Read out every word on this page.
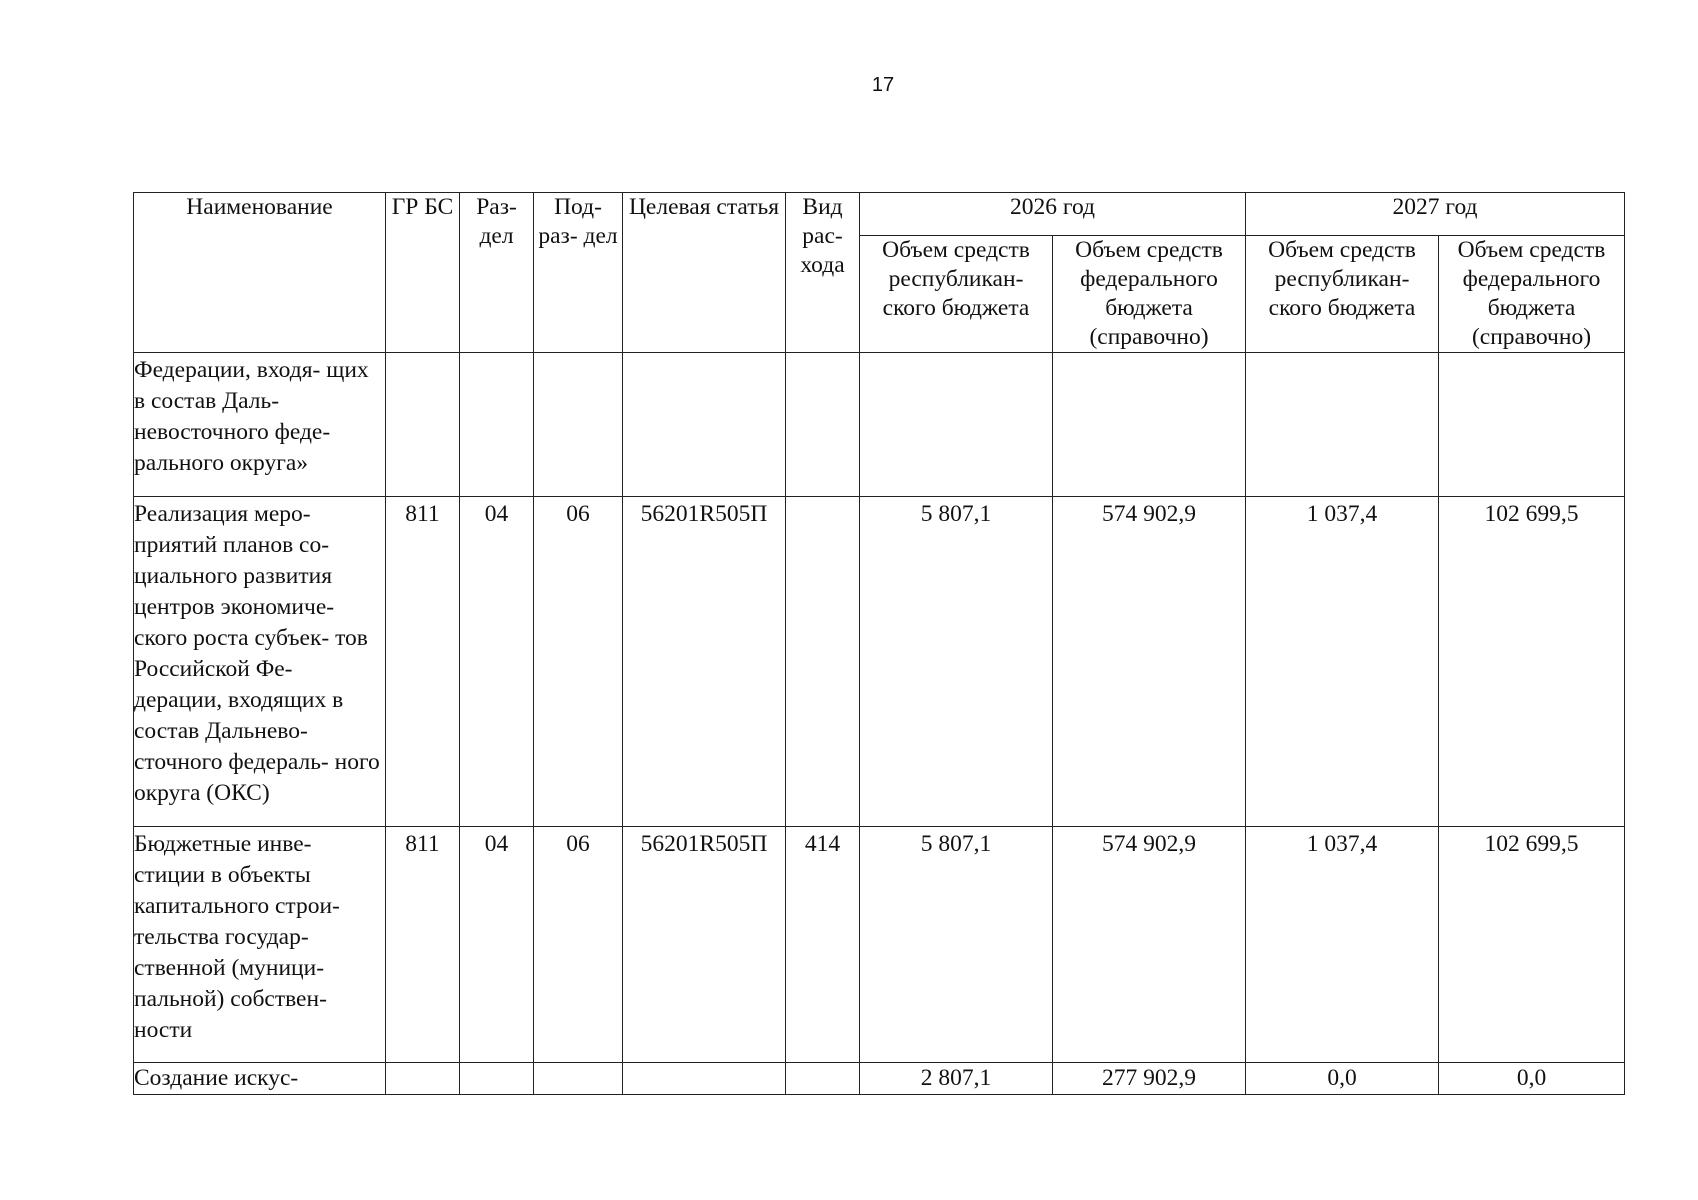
17
Наименование	ГР БС	Раз- дел	Под- раз- дел	Целевая статья	Вид рас- хода	2026 год		2027 год	
						Объем средств республикан- ского бюджета	Объем средств федерального бюджета (справочно)	Объем средств республикан- ского бюджета	Объем средств федерального бюджета (справочно)
Федерации, входя- щих в состав Даль- невосточного феде- рального округа»									
Реализация меро- приятий планов со- циального развития центров экономиче- ского роста субъек- тов Российской Фе- дерации, входящих в состав Дальнево- сточного федераль- ного округа (ОКС)	811	04	06	56201R505П		5 807,1	574 902,9	1 037,4	102 699,5
Бюджетные инве- стиции в объекты капитального строи- тельства государ- ственной (муници- пальной) собствен- ности	811	04	06	56201R505П	414	5 807,1	574 902,9	1 037,4	102 699,5
Создание искус-						2 807,1	277 902,9	0,0	0,0
